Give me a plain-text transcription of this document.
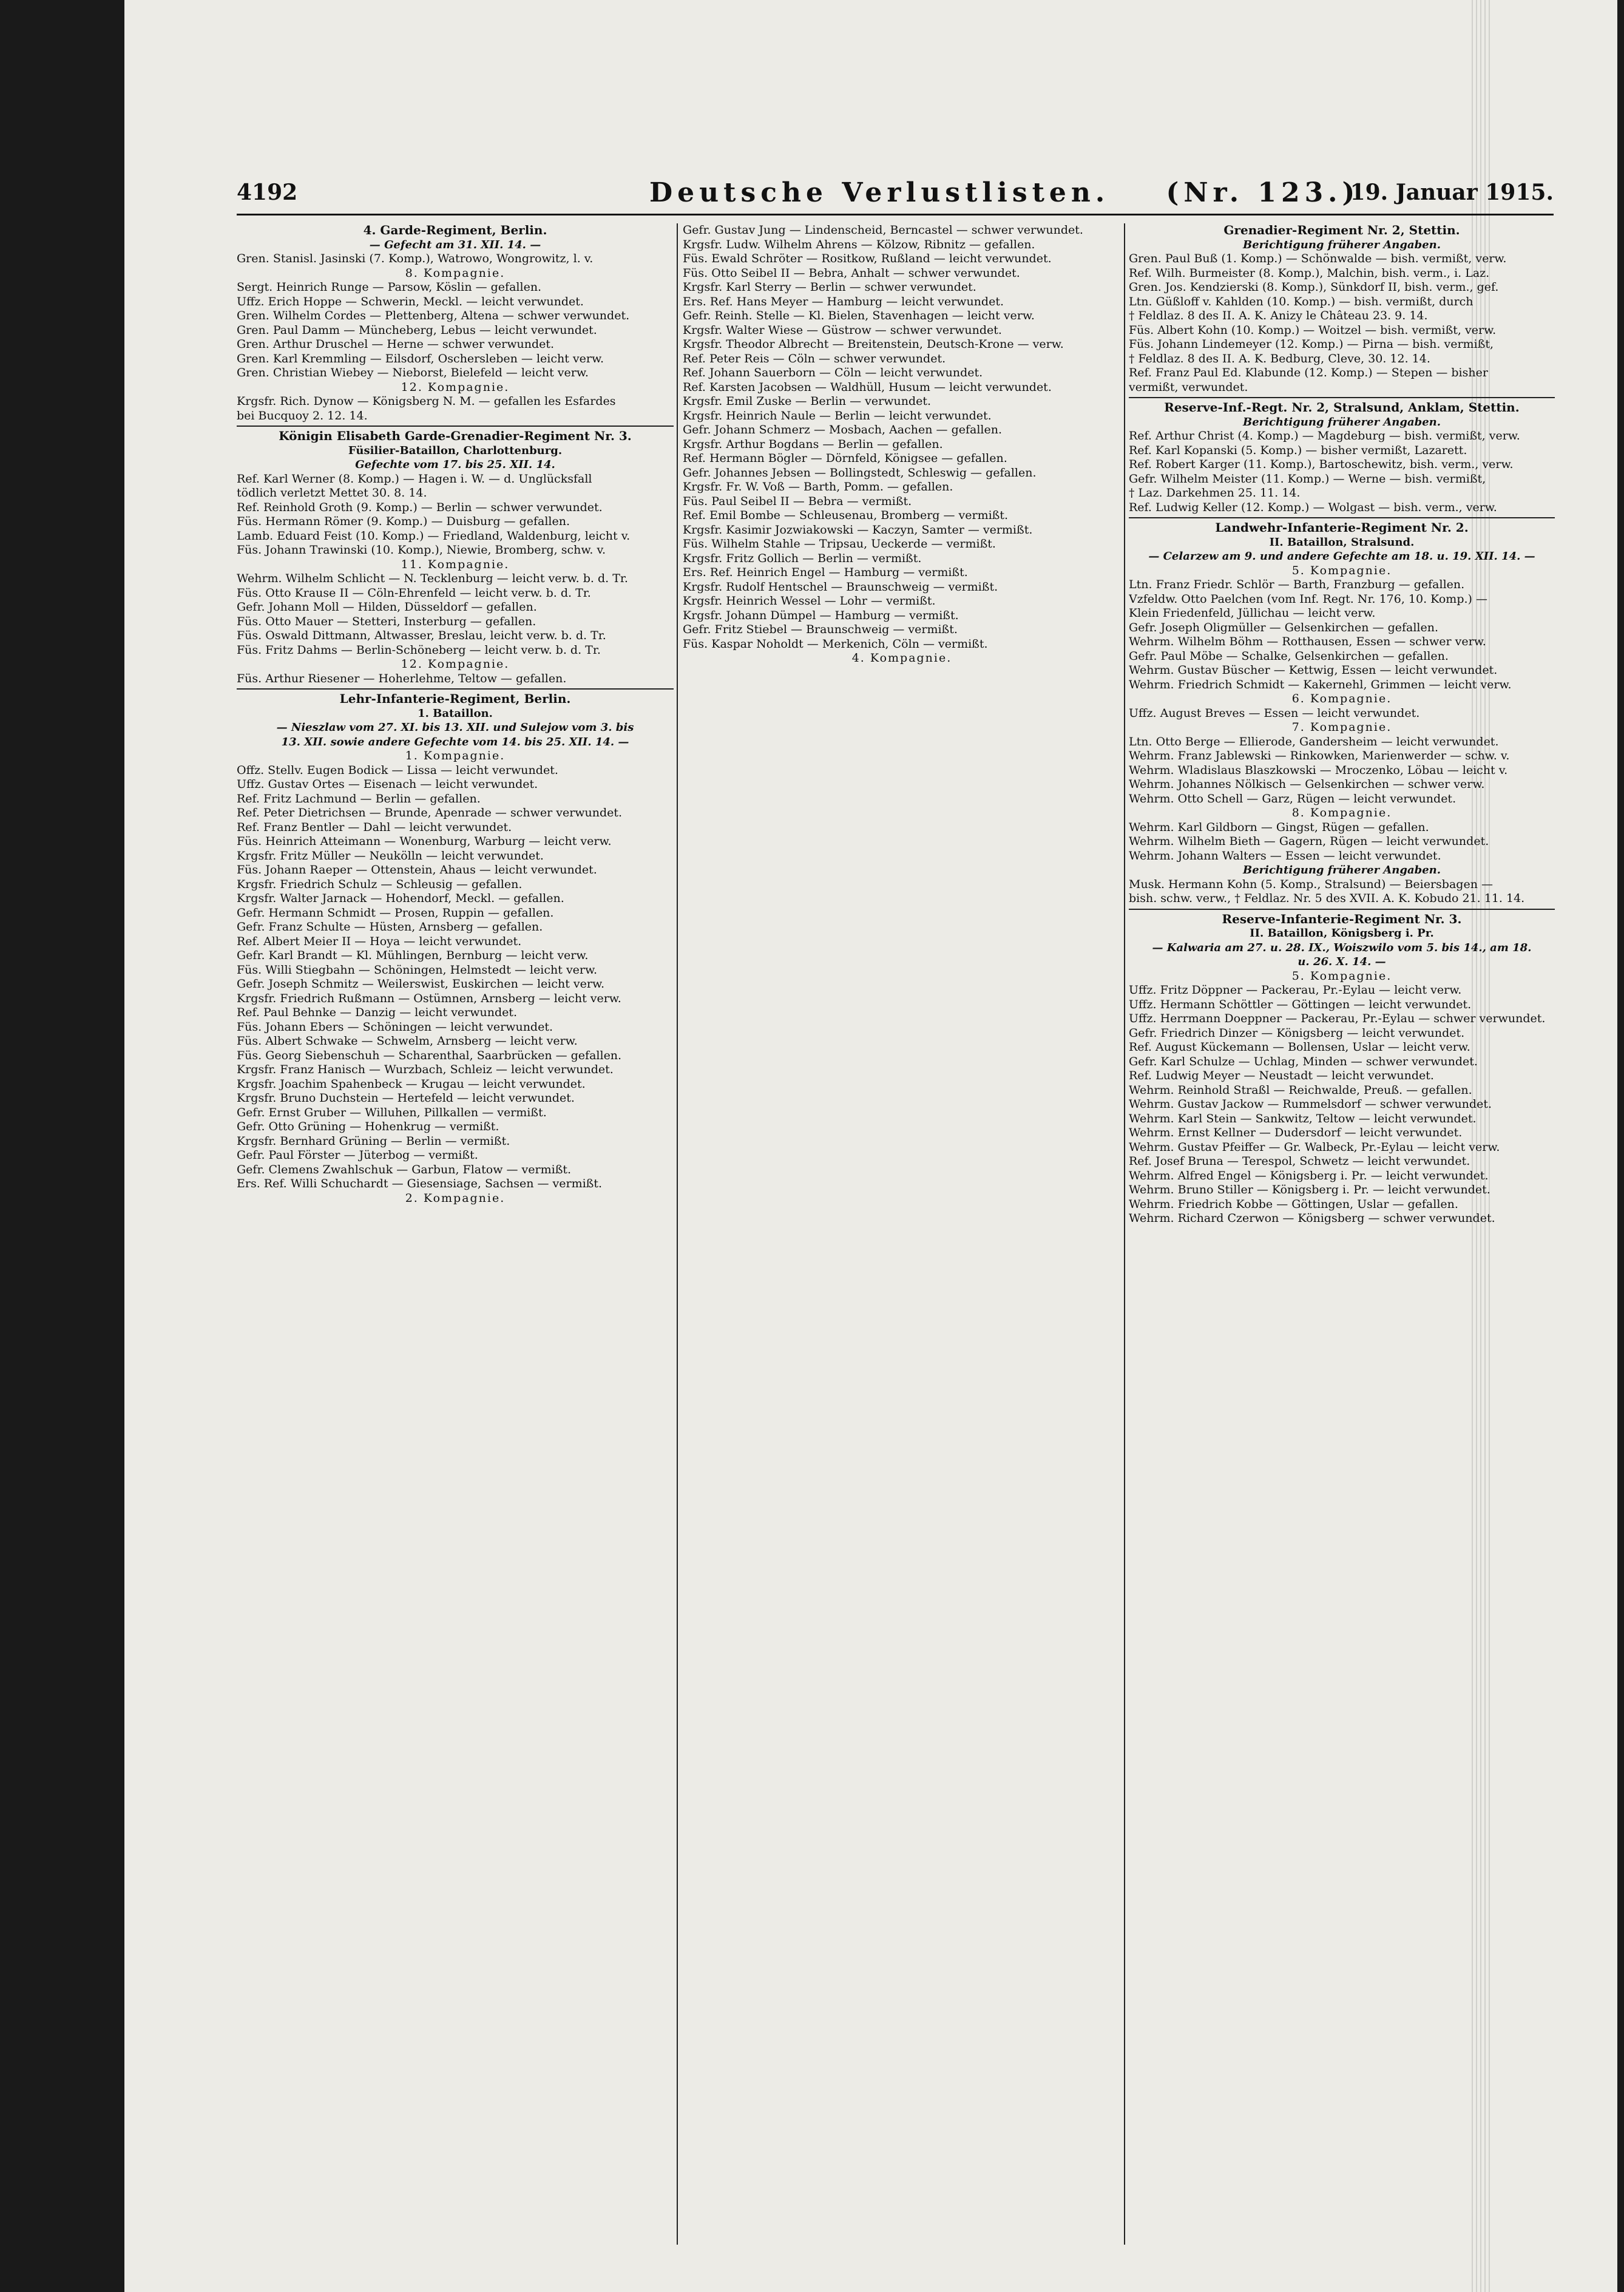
4192	Deutsche Verlustlisten. (Nr. 123.)
19. Januar 1915.
4. Garde-Regiment, Berlin.
— Gefecht am 31. XII. 14. —
Gren. Stanisl. Jasinski (7. Komp.), Watrowo, Wongrowitz, l. v.
8. Kompagnie.
Sergt. Heinrich Runge — Parsow, Köslin — gefallen.
Uffz. Erich Hoppe — Schwerin, Meckl. — leicht verwundet.
Gren. Wilhelm Cordes — Plettenberg, Altena — schwer verwundet.
Gren. Paul Damm — Müncheberg, Lebus — leicht verwundet.
Gren. Arthur Druschel — Herne — schwer verwundet.
Gren. Karl Kremmling — Eilsdorf, Oschersleben — leicht verw.
Gren. Christian Wiebey — Nieborst, Bielefeld — leicht verw.
12. Kompagnie.
Krgsfr. Rich. Dynow — Königsberg N. M. — gefallen les Esfardes
bei Bucquoy 2. 12. 14.
Königin Elisabeth Garde-Grenadier-Regiment Nr. 3.
Füsilier-Bataillon, Charlottenburg.
Gefechte vom 17. bis 25. XII. 14.
Ref. Karl Werner (8. Komp.) — Hagen i. W. — d. Unglücksfall
tödlich verletzt Mettet 30. 8. 14.
Ref. Reinhold Groth (9. Komp.) — Berlin — schwer verwundet.
Füs. Hermann Römer (9. Komp.) — Duisburg — gefallen.
Lamb. Eduard Feist (10. Komp.) — Friedland, Waldenburg, leicht v.
Füs. Johann Trawinski (10. Komp.), Niewie, Bromberg, schw. v.
11. Kompagnie.
Wehrm. Wilhelm Schlicht — N. Tecklenburg — leicht verw. b. d. Tr.
Füs. Otto Krause II — Cöln-Ehrenfeld — leicht verw. b. d. Tr.
Gefr. Johann Moll — Hilden, Düsseldorf — gefallen.
Füs. Otto Mauer — Stetteri, Insterburg — gefallen.
Füs. Oswald Dittmann, Altwasser, Breslau, leicht verw. b. d. Tr.
Füs. Fritz Dahms — Berlin-Schöneberg — leicht verw. b. d. Tr.
12. Kompagnie.
Füs. Arthur Riesener — Hoherlehme, Teltow — gefallen.
Lehr-Infanterie-Regiment, Berlin.
1. Bataillon.
— Nieszlaw vom 27. XI. bis 13. XII. und Sulejow vom 3. bis
13. XII. sowie andere Gefechte vom 14. bis 25. XII. 14. —
1. Kompagnie.
Offz. Stellv. Eugen Bodick — Lissa — leicht verwundet.
Uffz. Gustav Ortes — Eisenach — leicht verwundet.
Ref. Fritz Lachmund — Berlin — gefallen.
Ref. Peter Dietrichsen — Brunde, Apenrade — schwer verwundet.
Ref. Franz Bentler — Dahl — leicht verwundet.
Füs. Heinrich Atteimann — Wonenburg, Warburg — leicht verw.
Krgsfr. Fritz Müller — Neukölln — leicht verwundet.
Füs. Johann Raeper — Ottenstein, Ahaus — leicht verwundet.
Krgsfr. Friedrich Schulz — Schleusig — gefallen.
Krgsfr. Walter Jarnack — Hohendorf, Meckl. — gefallen.
Gefr. Hermann Schmidt — Prosen, Ruppin — gefallen.
Gefr. Franz Schulte — Hüsten, Arnsberg — gefallen.
Ref. Albert Meier II — Hoya — leicht verwundet.
Gefr. Karl Brandt — Kl. Mühlingen, Bernburg — leicht verw.
Füs. Willi Stiegbahn — Schöningen, Helmstedt — leicht verw.
Gefr. Joseph Schmitz — Weilerswist, Euskirchen — leicht verw.
Krgsfr. Friedrich Rußmann — Ostümnen, Arnsberg — leicht verw.
Ref. Paul Behnke — Danzig — leicht verwundet.
Füs. Johann Ebers — Schöningen — leicht verwundet.
Füs. Albert Schwake — Schwelm, Arnsberg — leicht verw.
Füs. Georg Siebenschuh — Scharenthal, Saarbrücken — gefallen.
Krgsfr. Franz Hanisch — Wurzbach, Schleiz — leicht verwundet.
Krgsfr. Joachim Spahenbeck — Krugau — leicht verwundet.
Krgsfr. Bruno Duchstein — Hertefeld — leicht verwundet.
Gefr. Ernst Gruber — Willuhen, Pillkallen — vermißt.
Gefr. Otto Grüning — Hohenkrug — vermißt.
Krgsfr. Bernhard Grüning — Berlin — vermißt.
Gefr. Paul Förster — Jüterbog — vermißt.
Gefr. Clemens Zwahlschuk — Garbun, Flatow — vermißt.
Ers. Ref. Willi Schuchardt — Giesensiage, Sachsen — vermißt.
2. Kompagnie.
Gefr. Gustav Jung — Lindenscheid, Berncastel — schwer verwundet.
Krgsfr. Ludw. Wilhelm Ahrens — Kölzow, Ribnitz — gefallen.
Füs. Ewald Schröter — Rositkow, Rußland — leicht verwundet.
Füs. Otto Seibel II — Bebra, Anhalt — schwer verwundet.
Krgsfr. Karl Sterry — Berlin — schwer verwundet.
Ers. Ref. Hans Meyer — Hamburg — leicht verwundet.
Gefr. Reinh. Stelle — Kl. Bielen, Stavenhagen — leicht verw.
Krgsfr. Walter Wiese — Güstrow — schwer verwundet.
Krgsfr. Theodor Albrecht — Breitenstein, Deutsch-Krone — verw.
Ref. Peter Reis — Cöln — schwer verwundet.
Ref. Johann Sauerborn — Cöln — leicht verwundet.
Ref. Karsten Jacobsen — Waldhüll, Husum — leicht verwundet.
Krgsfr. Emil Zuske — Berlin — verwundet.
Krgsfr. Heinrich Naule — Berlin — leicht verwundet.
Gefr. Johann Schmerz — Mosbach, Aachen — gefallen.
Krgsfr. Arthur Bogdans — Berlin — gefallen.
Ref. Hermann Bögler — Dörnfeld, Königsee — gefallen.
Gefr. Johannes Jebsen — Bollingstedt, Schleswig — gefallen.
Krgsfr. Fr. W. Voß — Barth, Pomm. — gefallen.
Füs. Paul Seibel II — Bebra — vermißt.
Ref. Emil Bombe — Schleusenau, Bromberg — vermißt.
Krgsfr. Kasimir Jozwiakowski — Kaczyn, Samter — vermißt.
Füs. Wilhelm Stahle — Tripsau, Ueckerde — vermißt.
Krgsfr. Fritz Gollich — Berlin — vermißt.
Ers. Ref. Heinrich Engel — Hamburg — vermißt.
Krgsfr. Rudolf Hentschel — Braunschweig — vermißt.
Krgsfr. Heinrich Wessel — Lohr — vermißt.
Krgsfr. Johann Dümpel — Hamburg — vermißt.
Gefr. Fritz Stiebel — Braunschweig — vermißt.
Füs. Kaspar Noholdt — Merkenich, Cöln — vermißt.
4. Kompagnie.
Grenadier-Regiment Nr. 2, Stettin.
Berichtigung früherer Angaben.
Gren. Paul Buß (1. Komp.) — Schönwalde — bish. vermißt, verw.
Ref. Wilh. Burmeister (8. Komp.), Malchin, bish. verm., i. Laz.
Gren. Jos. Kendzierski (8. Komp.), Sünkdorf II, bish. verm., gef.
Ltn. Güßloff v. Kahlden (10. Komp.) — bish. vermißt, durch
† Feldlaz. 8 des II. A. K. Anizy le Château 23. 9. 14.
Füs. Albert Kohn (10. Komp.) — Woitzel — bish. vermißt, verw.
Füs. Johann Lindemeyer (12. Komp.) — Pirna — bish. vermißt,
† Feldlaz. 8 des II. A. K. Bedburg, Cleve, 30. 12. 14.
Ref. Franz Paul Ed. Klabunde (12. Komp.) — Stepen — bisher
vermißt, verwundet.
Reserve-Inf.-Regt. Nr. 2, Stralsund, Anklam, Stettin.
Berichtigung früherer Angaben.
Ref. Arthur Christ (4. Komp.) — Magdeburg — bish. vermißt, verw.
Ref. Karl Kopanski (5. Komp.) — bisher vermißt, Lazarett.
Ref. Robert Karger (11. Komp.), Bartoschewitz, bish. verm., verw.
Gefr. Wilhelm Meister (11. Komp.) — Werne — bish. vermißt,
† Laz. Darkehmen 25. 11. 14.
Ref. Ludwig Keller (12. Komp.) — Wolgast — bish. verm., verw.
Landwehr-Infanterie-Regiment Nr. 2.
II. Bataillon, Stralsund.
— Celarzew am 9. und andere Gefechte am 18. u. 19. XII. 14. —
5. Kompagnie.
Ltn. Franz Friedr. Schlör — Barth, Franzburg — gefallen.
Vzfeldw. Otto Paelchen (vom Inf. Regt. Nr. 176, 10. Komp.) —
Klein Friedenfeld, Jüllichau — leicht verw.
Gefr. Joseph Oligmüller — Gelsenkirchen — gefallen.
Wehrm. Wilhelm Böhm — Rotthausen, Essen — schwer verw.
Gefr. Paul Möbe — Schalke, Gelsenkirchen — gefallen.
Wehrm. Gustav Büscher — Kettwig, Essen — leicht verwundet.
Wehrm. Friedrich Schmidt — Kakernehl, Grimmen — leicht verw.
6. Kompagnie.
Uffz. August Breves — Essen — leicht verwundet.
7. Kompagnie.
Ltn. Otto Berge — Ellierode, Gandersheim — leicht verwundet.
Wehrm. Franz Jablewski — Rinkowken, Marienwerder — schw. v.
Wehrm. Wladislaus Blaszkowski — Mroczenko, Löbau — leicht v.
Wehrm. Johannes Nölkisch — Gelsenkirchen — schwer verw.
Wehrm. Otto Schell — Garz, Rügen — leicht verwundet.
8. Kompagnie.
Wehrm. Karl Gildborn — Gingst, Rügen — gefallen.
Wehrm. Wilhelm Bieth — Gagern, Rügen — leicht verwundet.
Wehrm. Johann Walters — Essen — leicht verwundet.
Berichtigung früherer Angaben.
Musk. Hermann Kohn (5. Komp., Stralsund) — Beiersbagen —
bish. schw. verw., † Feldlaz. Nr. 5 des XVII. A. K. Kobudo 21. 11. 14.
Reserve-Infanterie-Regiment Nr. 3.
II. Bataillon, Königsberg i. Pr.
— Kalwaria am 27. u. 28. IX., Woiszwilo vom 5. bis 14., am 18.
u. 26. X. 14. —
5. Kompagnie.
Uffz. Fritz Döppner — Packerau, Pr.-Eylau — leicht verw.
Uffz. Hermann Schöttler — Göttingen — leicht verwundet.
Uffz. Herrmann Doeppner — Packerau, Pr.-Eylau — schwer verwundet.
Gefr. Friedrich Dinzer — Königsberg — leicht verwundet.
Ref. August Kückemann — Bollensen, Uslar — leicht verw.
Gefr. Karl Schulze — Uchlag, Minden — schwer verwundet.
Ref. Ludwig Meyer — Neustadt — leicht verwundet.
Wehrm. Reinhold Straßl — Reichwalde, Preuß. — gefallen.
Wehrm. Gustav Jackow — Rummelsdorf — schwer verwundet.
Wehrm. Karl Stein — Sankwitz, Teltow — leicht verwundet.
Wehrm. Ernst Kellner — Dudersdorf — leicht verwundet.
Wehrm. Gustav Pfeiffer — Gr. Walbeck, Pr.-Eylau — leicht verw.
Ref. Josef Bruna — Terespol, Schwetz — leicht verwundet.
Wehrm. Alfred Engel — Königsberg i. Pr. — leicht verwundet.
Wehrm. Bruno Stiller — Königsberg i. Pr. — leicht verwundet.
Wehrm. Friedrich Kobbe — Göttingen, Uslar — gefallen.
Wehrm. Richard Czerwon — Königsberg — schwer verwundet.
